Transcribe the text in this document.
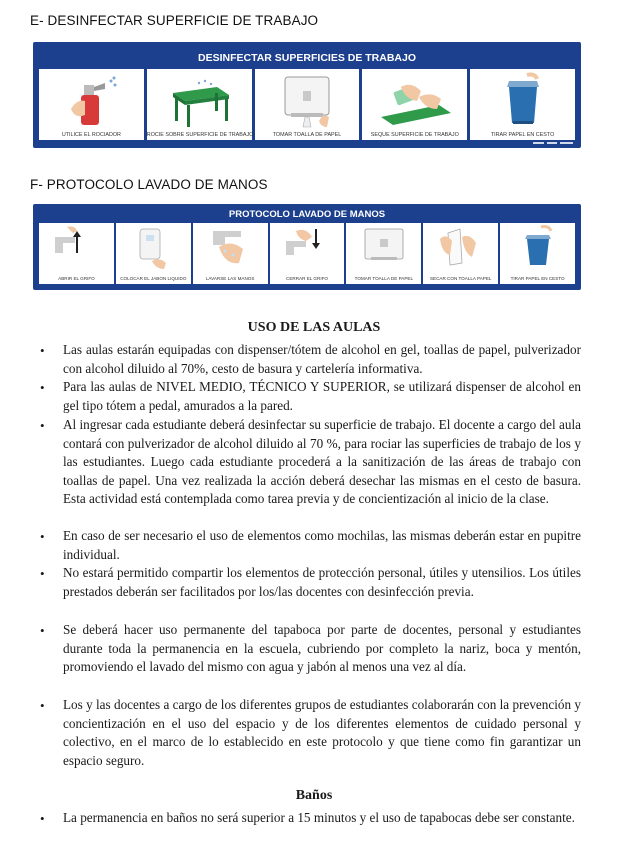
E- DESINFECTAR SUPERFICIE DE TRABAJO
DESINFECTAR SUPERFICIES DE TRABAJO
UTILICE EL ROCIADOR	ROCIE SOBRE SUPERFICIE DE TRABAJO	TOMAR TOALLA DE PAPEL	SEQUE SUPERFICIE DE TRABAJO	TIRAR PAPEL EN CESTO
F- PROTOCOLO LAVADO DE MANOS
PROTOCOLO LAVADO DE MANOS
ABRIR EL GRIFO	COLOCAR EL JABON LIQUIDO	LAVARSE LAS MANOS	CERRAR EL GRIFO	TOMAR TOALLA DE PAPEL	SECAR CON TOALLA PAPEL	TIRAR PAPEL EN CESTO
USO DE LAS AULAS
• Las aulas estarán equipadas con dispenser/tótem de alcohol en gel, toallas de papel, pulverizador con alcohol diluido al 70%, cesto de basura y cartelería informativa.
• Para las aulas de NIVEL MEDIO, TÉCNICO Y SUPERIOR, se utilizará dispenser de alcohol en gel tipo tótem a pedal, amurados a la pared.
• Al ingresar cada estudiante deberá desinfectar su superficie de trabajo. El docente a cargo del aula contará con pulverizador de alcohol diluido al 70 %, para rociar las superficies de trabajo de los y las estudiantes. Luego cada estudiante procederá a la sanitización de las áreas de trabajo con toallas de papel. Una vez realizada la acción deberá desechar las mismas en el cesto de basura. Esta actividad está contemplada como tarea previa y de concientización al inicio de la clase.
• En caso de ser necesario el uso de elementos como mochilas, las mismas deberán estar en pupitre individual.
• No estará permitido compartir los elementos de protección personal, útiles y utensilios. Los útiles prestados deberán ser facilitados por los/las docentes con desinfección previa.
• Se deberá hacer uso permanente del tapaboca por parte de docentes, personal y estudiantes durante toda la permanencia en la escuela, cubriendo por completo la nariz, boca y mentón, promoviendo el lavado del mismo con agua y jabón al menos una vez al día.
• Los y las docentes a cargo de los diferentes grupos de estudiantes colaborarán con la prevención y concientización en el uso del espacio y de los diferentes elementos de cuidado personal y colectivo, en el marco de lo establecido en este protocolo y que tiene como fin garantizar un espacio seguro.
Baños
• La permanencia en baños no será superior a 15 minutos y el uso de tapabocas debe ser constante.
